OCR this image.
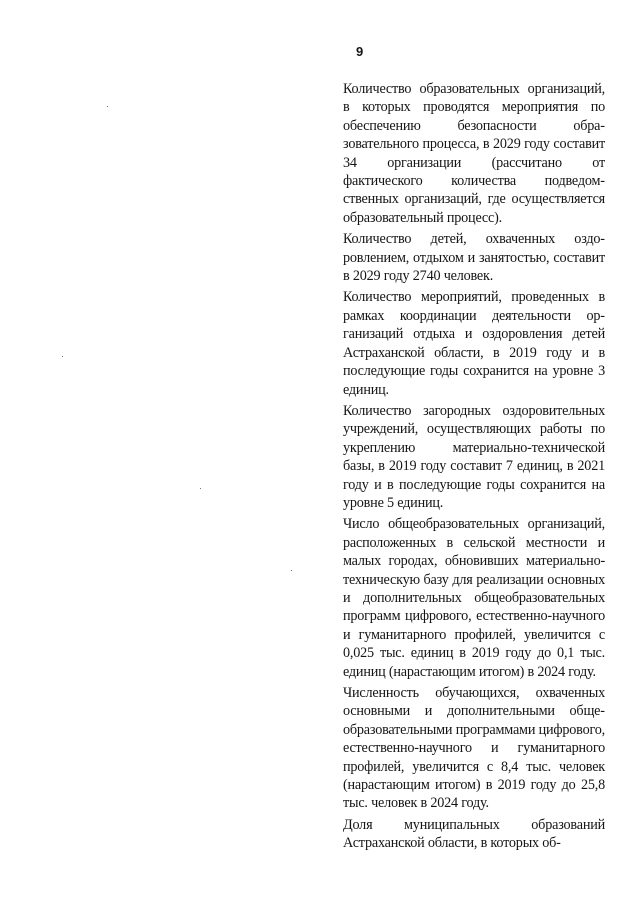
9

Количество образовательных организаций, в которых проводятся мероприятия по обеспечению безопасности образовательного процесса, в 2029 году составит 34 организации (рассчитано от фактического количества подведомственных организаций, где осуществляется образовательный процесс).

Количество детей, охваченных оздоровлением, отдыхом и занятостью, составит в 2029 году 2740 человек.

Количество мероприятий, проведенных в рамках координации деятельности организаций отдыха и оздоровления детей Астраханской области, в 2019 году и в последующие годы сохранится на уровне 3 единиц.

Количество загородных оздоровительных учреждений, осуществляющих работы по укреплению материально-технической базы, в 2019 году составит 7 единиц, в 2021 году и в последующие годы сохранится на уровне 5 единиц.

Число общеобразовательных организаций, расположенных в сельской местности и малых городах, обновивших материально-техническую базу для реализации основных и дополнительных общеобразовательных программ цифрового, естественно-научного и гуманитарного профилей, увеличится с 0,025 тыс. единиц в 2019 году до 0,1 тыс. единиц (нарастающим итогом) в 2024 году.

Численность обучающихся, охваченных основными и дополнительными общеобразовательными программами цифрового, естественно-научного и гуманитарного профилей, увеличится с 8,4 тыс. человек (нарастающим итогом) в 2019 году до 25,8 тыс. человек в 2024 году.

Доля муниципальных образований Астраханской области, в которых об-
